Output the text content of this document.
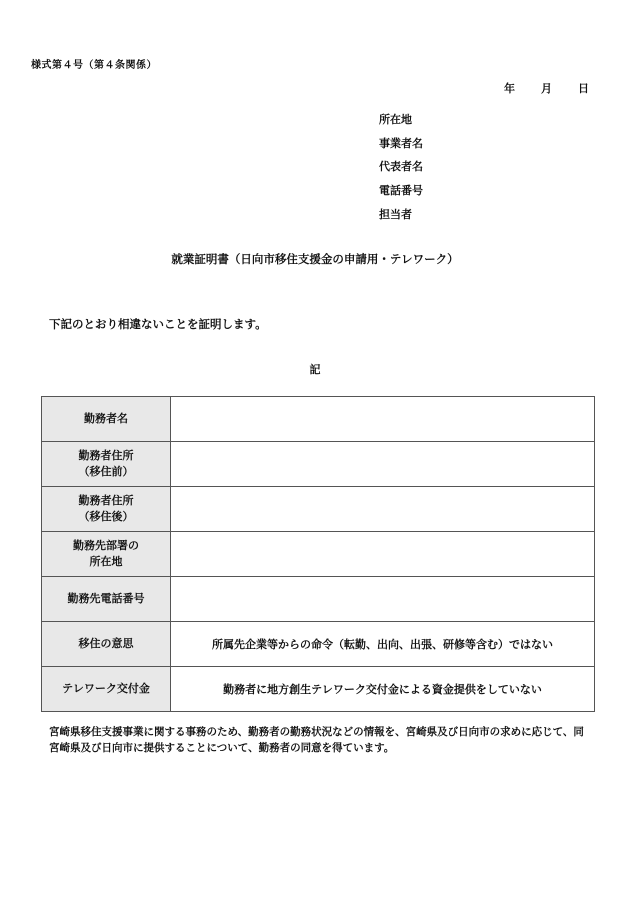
様式第４号（第４条関係）
年 月 日
所在地
事業者名
代表者名
電話番号
担当者
就業証明書（日向市移住支援金の申請用・テレワーク）
下記のとおり相違ないことを証明します。
記
勤務者名	

勤務者住所
（移住前）	

勤務者住所
（移住後）	

勤務先部署の
所在地	

勤務先電話番号	

移住の意思	所属先企業等からの命令（転勤、出向、出張、研修等含む）ではない

テレワーク交付金	勤務者に地方創生テレワーク交付金による資金提供をしていない
宮崎県移住支援事業に関する事務のため、勤務者の勤務状況などの情報を、宮崎県及び日向市の求めに応じて、同宮崎県及び日向市に提供することについて、勤務者の同意を得ています。
